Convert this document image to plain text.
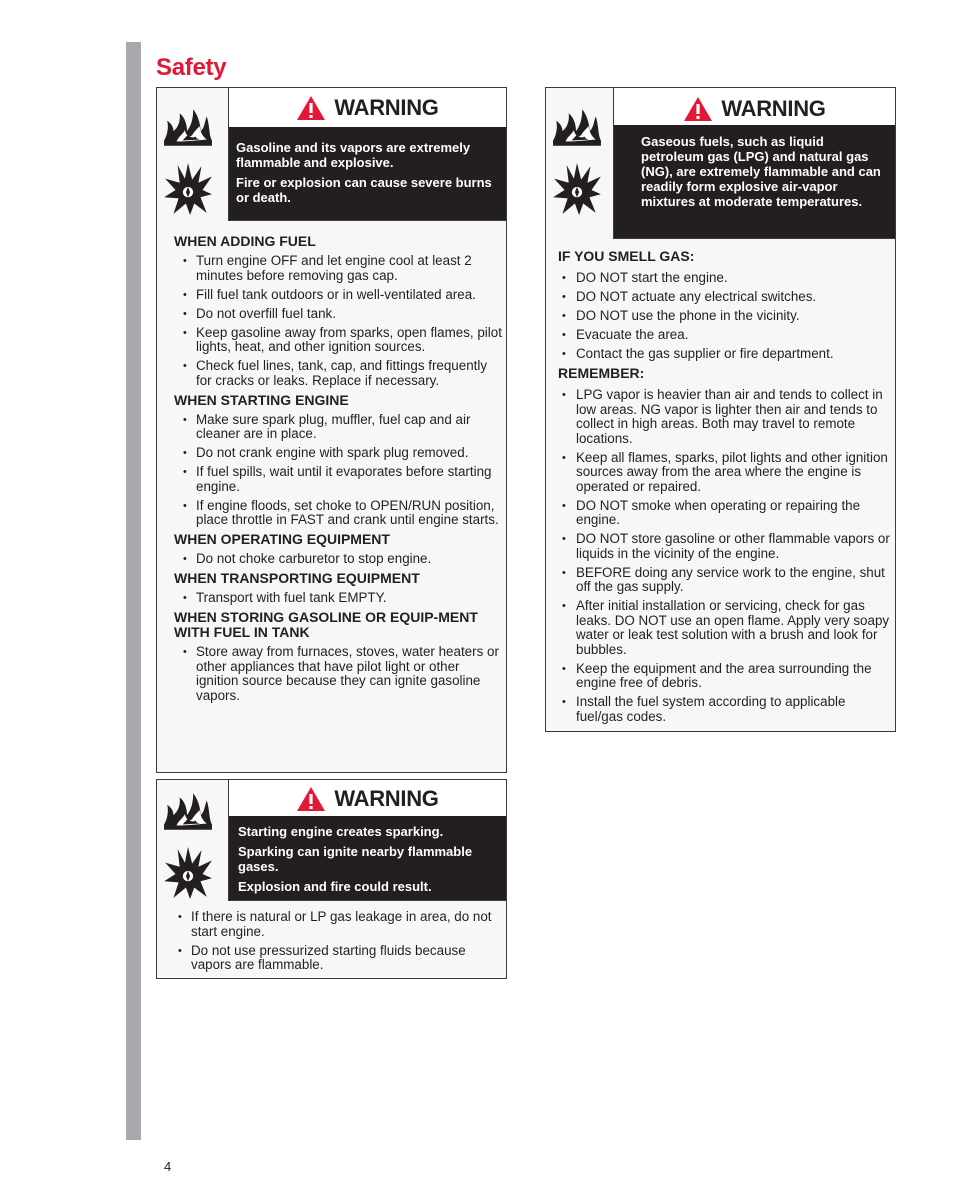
Safety
WARNING

Gasoline and its vapors are extremely flammable and explosive.

Fire or explosion can cause severe burns or death.

WHEN ADDING FUEL
• Turn engine OFF and let engine cool at least 2 minutes before removing gas cap.
• Fill fuel tank outdoors or in well-ventilated area.
• Do not overfill fuel tank.
• Keep gasoline away from sparks, open flames, pilot lights, heat, and other ignition sources.
• Check fuel lines, tank, cap, and fittings frequently for cracks or leaks. Replace if necessary.
WHEN STARTING ENGINE
• Make sure spark plug, muffler, fuel cap and air cleaner are in place.
• Do not crank engine with spark plug removed.
• If fuel spills, wait until it evaporates before starting engine.
• If engine floods, set choke to OPEN/RUN position, place throttle in FAST and crank until engine starts.
WHEN OPERATING EQUIPMENT
• Do not choke carburetor to stop engine.
WHEN TRANSPORTING EQUIPMENT
• Transport with fuel tank EMPTY.
WHEN STORING GASOLINE OR EQUIP-MENT WITH FUEL IN TANK
• Store away from furnaces, stoves, water heaters or other appliances that have pilot light or other ignition source because they can ignite gasoline vapors.
WARNING

Starting engine creates sparking.

Sparking can ignite nearby flammable gases.

Explosion and fire could result.

• If there is natural or LP gas leakage in area, do not start engine.
• Do not use pressurized starting fluids because vapors are flammable.
WARNING

Gaseous fuels, such as liquid petroleum gas (LPG) and natural gas (NG), are extremely flammable and can readily form explosive air-vapor mixtures at moderate temperatures.

IF YOU SMELL GAS:
• DO NOT start the engine.
• DO NOT actuate any electrical switches.
• DO NOT use the phone in the vicinity.
• Evacuate the area.
• Contact the gas supplier or fire department.
REMEMBER:
• LPG vapor is heavier than air and tends to collect in low areas. NG vapor is lighter then air and tends to collect in high areas. Both may travel to remote locations.
• Keep all flames, sparks, pilot lights and other ignition sources away from the area where the engine is operated or repaired.
• DO NOT smoke when operating or repairing the engine.
• DO NOT store gasoline or other flammable vapors or liquids in the vicinity of the engine.
• BEFORE doing any service work to the engine, shut off the gas supply.
• After initial installation or servicing, check for gas leaks. DO NOT use an open flame. Apply very soapy water or leak test solution with a brush and look for bubbles.
• Keep the equipment and the area surrounding the engine free of debris.
• Install the fuel system according to applicable fuel/gas codes.
4
